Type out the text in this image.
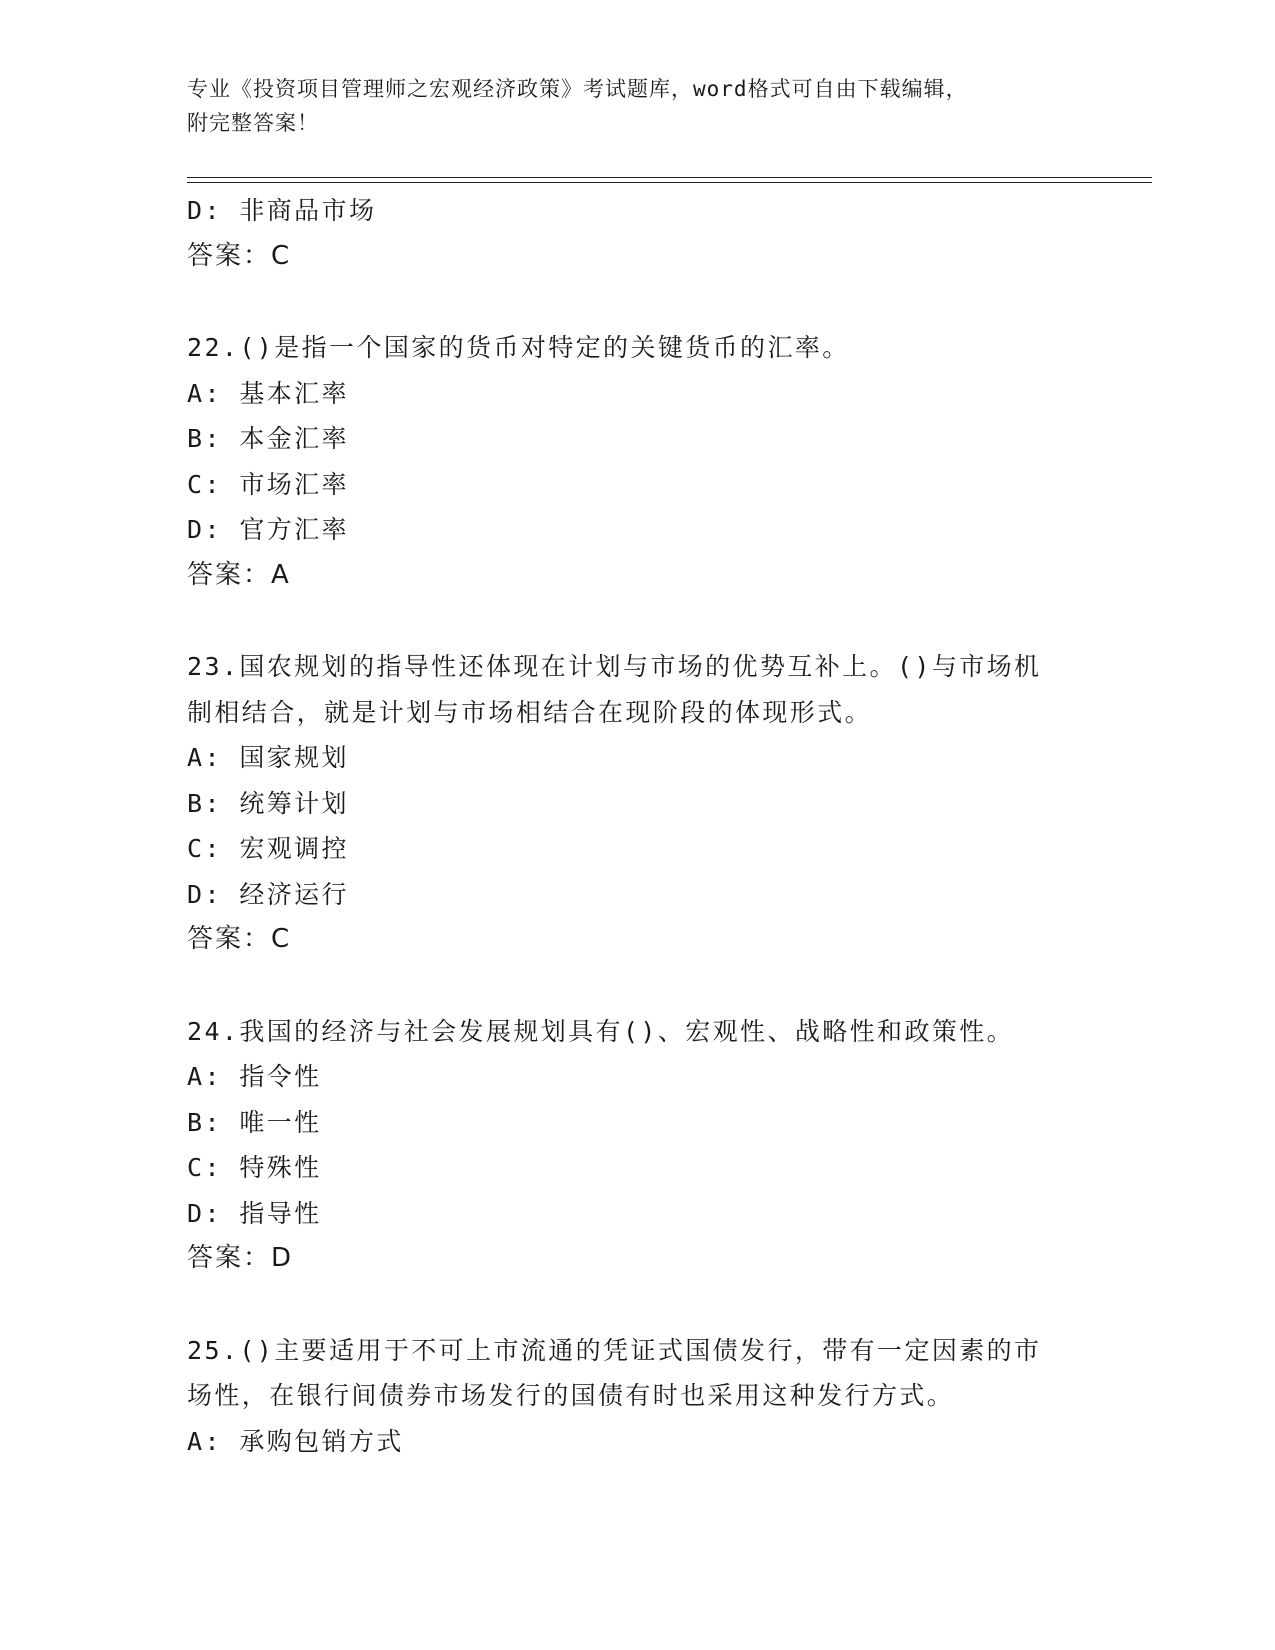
专业《投资项目管理师之宏观经济政策》考试题库，word格式可自由下载编辑，
附完整答案！
D: 非商品市场
答案：C
22.()是指一个国家的货币对特定的关键货币的汇率。
A: 基本汇率
B: 本金汇率
C: 市场汇率
D: 官方汇率
答案：A
23.国农规划的指导性还体现在计划与市场的优势互补上。()与市场机
制相结合，就是计划与市场相结合在现阶段的体现形式。
A: 国家规划
B: 统筹计划
C: 宏观调控
D: 经济运行
答案：C
24.我国的经济与社会发展规划具有()、宏观性、战略性和政策性。
A: 指令性
B: 唯一性
C: 特殊性
D: 指导性
答案：D
25.()主要适用于不可上市流通的凭证式国债发行，带有一定因素的市
场性，在银行间债券市场发行的国债有时也采用这种发行方式。
A: 承购包销方式
